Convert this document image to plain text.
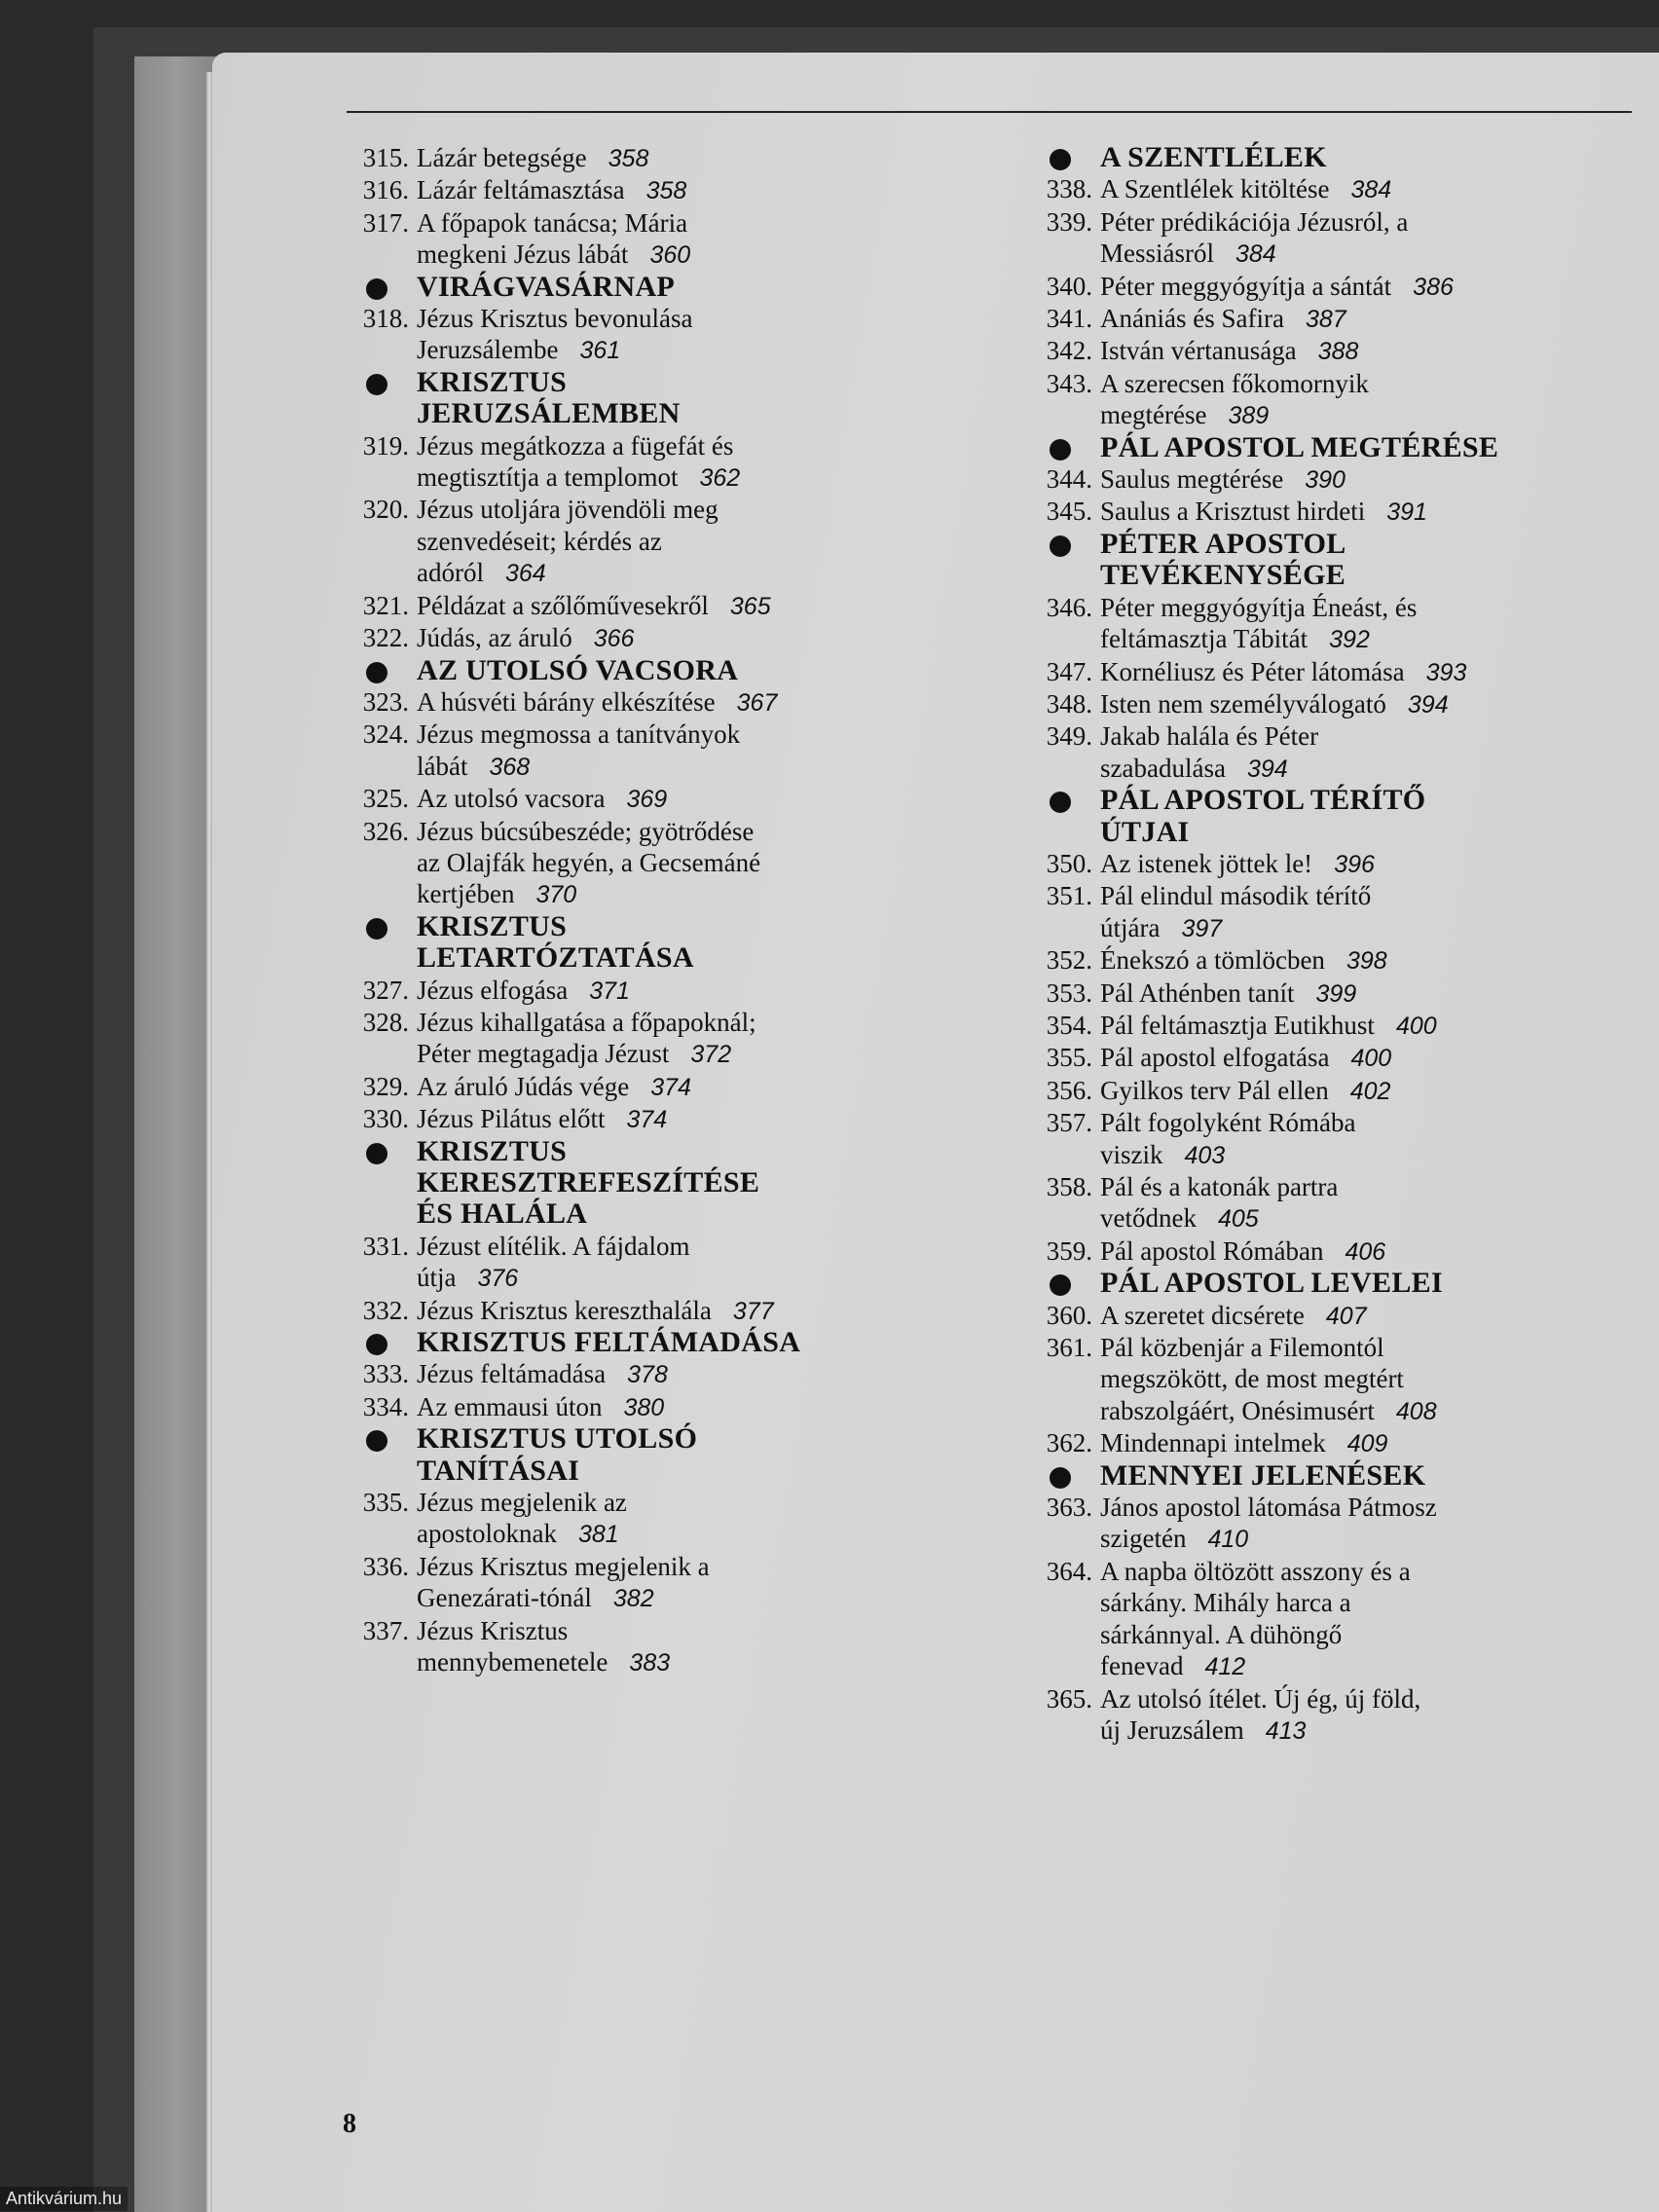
315. Lázár betegsége 358
316. Lázár feltámasztása 358
317. A főpapok tanácsa; Mária
megkeni Jézus lábát 360
VIRÁGVASÁRNAP
318. Jézus Krisztus bevonulása
Jeruzsálembe 361
KRISZTUS
JERUZSÁLEMBEN
319. Jézus megátkozza a fügefát és
megtisztítja a templomot 362
320. Jézus utoljára jövendöli meg
szenvedéseit; kérdés az
adóról 364
321. Példázat a szőlőművesekről 365
322. Júdás, az áruló 366
AZ UTOLSÓ VACSORA
323. A húsvéti bárány elkészítése 367
324. Jézus megmossa a tanítványok
lábát 368
325. Az utolsó vacsora 369
326. Jézus búcsúbeszéde; gyötrődése
az Olajfák hegyén, a Gecsemáné
kertjében 370
KRISZTUS
LETARTÓZTATÁSA
327. Jézus elfogása 371
328. Jézus kihallgatása a főpapoknál;
Péter megtagadja Jézust 372
329. Az áruló Júdás vége 374
330. Jézus Pilátus előtt 374
KRISZTUS
KERESZTREFESZÍTÉSE
ÉS HALÁLA
331. Jézust elítélik. A fájdalom
útja 376
332. Jézus Krisztus kereszthalála 377
KRISZTUS FELTÁMADÁSA
333. Jézus feltámadása 378
334. Az emmausi úton 380
KRISZTUS UTOLSÓ
TANÍTÁSAI
335. Jézus megjelenik az
apostoloknak 381
336. Jézus Krisztus megjelenik a
Genezárati-tónál 382
337. Jézus Krisztus
mennybemenetele 383
A SZENTLÉLEK
338. A Szentlélek kitöltése 384
339. Péter prédikációja Jézusról, a
Messiásról 384
340. Péter meggyógyítja a sántát 386
341. Anániás és Safira 387
342. István vértanusága 388
343. A szerecsen főkomornyik
megtérése 389
PÁL APOSTOL MEGTÉRÉSE
344. Saulus megtérése 390
345. Saulus a Krisztust hirdeti 391
PÉTER APOSTOL
TEVÉKENYSÉGE
346. Péter meggyógyítja Éneást, és
feltámasztja Tábitát 392
347. Kornéliusz és Péter látomása 393
348. Isten nem személyválogató 394
349. Jakab halála és Péter
szabadulása 394
PÁL APOSTOL TÉRÍTŐ
ÚTJAI
350. Az istenek jöttek le! 396
351. Pál elindul második térítő
útjára 397
352. Énekszó a tömlöcben 398
353. Pál Athénben tanít 399
354. Pál feltámasztja Eutikhust 400
355. Pál apostol elfogatása 400
356. Gyilkos terv Pál ellen 402
357. Pált fogolyként Rómába
viszik 403
358. Pál és a katonák partra
vetődnek 405
359. Pál apostol Rómában 406
PÁL APOSTOL LEVELEI
360. A szeretet dicsérete 407
361. Pál közbenjár a Filemontól
megszökött, de most megtért
rabszolgáért, Onésimusért 408
362. Mindennapi intelmek 409
MENNYEI JELENÉSEK
363. János apostol látomása Pátmosz
szigetén 410
364. A napba öltözött asszony és a
sárkány. Mihály harca a
sárkánnyal. A dühöngő
fenevad 412
365. Az utolsó ítélet. Új ég, új föld,
új Jeruzsálem 413
8
Antikvárium.hu
